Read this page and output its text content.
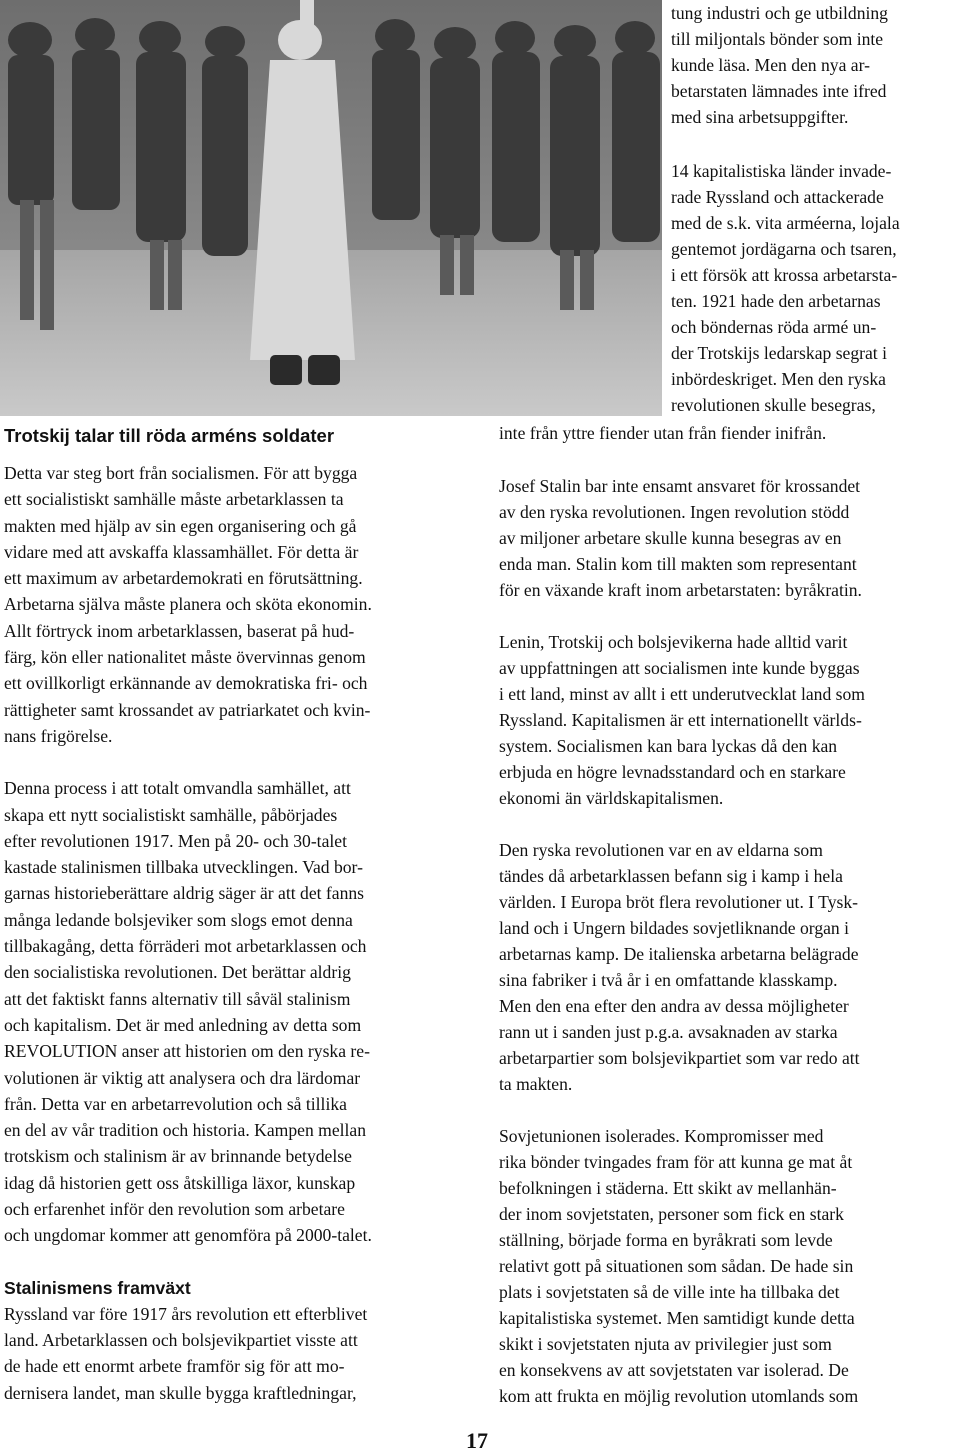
Trotskij talar till röda arméns soldater

tung industri och ge utbildning

till miljontals bönder som inte

kunde läsa. Men den nya ar-

betarstaten lämnades inte ifred

med sina arbetsuppgifter.

14 kapitalistiska länder invade-

rade Ryssland och attackerade

med de s.k. vita arméerna, lojala

gentemot jordägarna och tsaren,

i ett försök att krossa arbetarsta-

ten. 1921 hade den arbetarnas

och böndernas röda armé un-

der Trotskijs ledarskap segrat i

inbördeskriget. Men den ryska

revolutionen skulle besegras,

inte från yttre fiender utan från fiender inifrån.

Detta var steg bort från socialismen. För att bygga

ett socialistiskt samhälle måste arbetarklassen ta

makten med hjälp av sin egen organisering och gå

vidare med att avskaffa klassamhället. För detta är

ett maximum av arbetardemokrati en förutsättning.

Arbetarna själva måste planera och sköta ekonomin.

Allt förtryck inom arbetarklassen, baserat på hud-

färg, kön eller nationalitet måste övervinnas genom

ett ovillkorligt erkännande av demokratiska fri- och

rättigheter samt krossandet av patriarkatet och kvin-

nans frigörelse.

Denna process i att totalt omvandla samhället, att

skapa ett nytt socialistiskt samhälle, påbörjades

efter revolutionen 1917. Men på 20- och 30-talet

kastade stalinismen tillbaka utvecklingen. Vad bor-

garnas historieberättare aldrig säger är att det fanns

många ledande bolsjeviker som slogs emot denna

tillbakagång, detta förräderi mot arbetarklassen och

den socialistiska revolutionen. Det berättar aldrig

att det faktiskt fanns alternativ till såväl stalinism

och kapitalism. Det är med anledning av detta som

REVOLUTION anser att historien om den ryska re-

volutionen är viktig att analysera och dra lärdomar

från. Detta var en arbetarrevolution och så tillika

en del av vår tradition och historia. Kampen mellan

trotskism och stalinism är av brinnande betydelse

idag då historien gett oss åtskilliga läxor, kunskap

och erfarenhet inför den revolution som arbetare

och ungdomar kommer att genomföra på 2000-talet.

Stalinismens framväxt

Ryssland var före 1917 års revolution ett efterblivet

land. Arbetarklassen och bolsjevikpartiet visste att

de hade ett enormt arbete framför sig för att mo-

dernisera landet, man skulle bygga kraftledningar,

Josef Stalin bar inte ensamt ansvaret för krossandet

av den ryska revolutionen. Ingen revolution stödd

av miljoner arbetare skulle kunna besegras av en

enda man. Stalin kom till makten som representant

för en växande kraft inom arbetarstaten: byråkratin.

Lenin, Trotskij och bolsjevikerna hade alltid varit

av uppfattningen att socialismen inte kunde byggas

i ett land, minst av allt i ett underutvecklat land som

Ryssland. Kapitalismen är ett internationellt världs-

system. Socialismen kan bara lyckas då den kan

erbjuda en högre levnadsstandard och en starkare

ekonomi än världskapitalismen.

Den ryska revolutionen var en av eldarna som

tändes då arbetarklassen befann sig i kamp i hela

världen. I Europa bröt flera revolutioner ut. I Tysk-

land och i Ungern bildades sovjetliknande organ i

arbetarnas kamp. De italienska arbetarna belägrade

sina fabriker i två år i en omfattande klasskamp.

Men den ena efter den andra av dessa möjligheter

rann ut i sanden just p.g.a. avsaknaden av starka

arbetarpartier som bolsjevikpartiet som var redo att

ta makten.

Sovjetunionen isolerades. Kompromisser med

rika bönder tvingades fram för att kunna ge mat åt

befolkningen i städerna. Ett skikt av mellanhän-

der inom sovjetstaten, personer som fick en stark

ställning, började forma en byråkrati som levde

relativt gott på situationen som sådan. De hade sin

plats i sovjetstaten så de ville inte ha tillbaka det

kapitalistiska systemet. Men samtidigt kunde detta

skikt i sovjetstaten njuta av privilegier just som

en konsekvens av att sovjetstaten var isolerad. De

kom att frukta en möjlig revolution utomlands som

17
